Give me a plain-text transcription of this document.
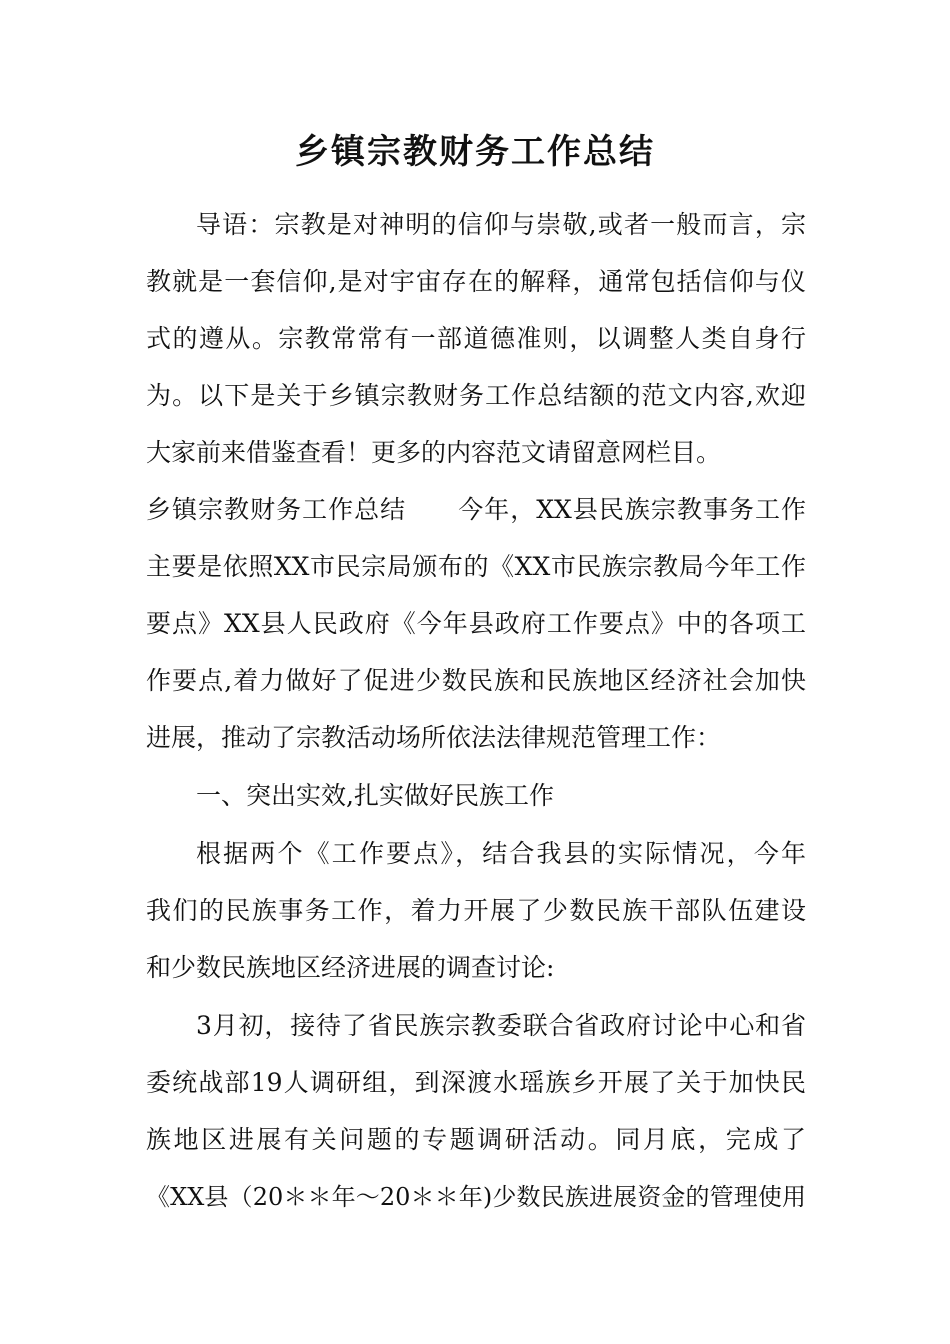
乡镇宗教财务工作总结
导语：宗教是对神明的信仰与崇敬,或者一般而言，宗
教就是一套信仰,是对宇宙存在的解释，通常包括信仰与仪
式的遵从。宗教常常有一部道德准则，以调整人类自身行
为。以下是关于乡镇宗教财务工作总结额的范文内容,欢迎
大家前来借鉴查看！更多的内容范文请留意网栏目。
乡镇宗教财务工作总结　　今年，XX县民族宗教事务工作
主要是依照XX市民宗局颁布的《XX市民族宗教局今年工作
要点》XX县人民政府《今年县政府工作要点》中的各项工
作要点,着力做好了促进少数民族和民族地区经济社会加快
进展，推动了宗教活动场所依法法律规范管理工作：
一、突出实效,扎实做好民族工作
根据两个《工作要点》，结合我县的实际情况，今年
我们的民族事务工作，着力开展了少数民族干部队伍建设
和少数民族地区经济进展的调查讨论:
3月初，接待了省民族宗教委联合省政府讨论中心和省
委统战部19人调研组，到深渡水瑶族乡开展了关于加快民
族地区进展有关问题的专题调研活动。同月底，完成了
《XX县（20＊＊年～20＊＊年)少数民族进展资金的管理使用
